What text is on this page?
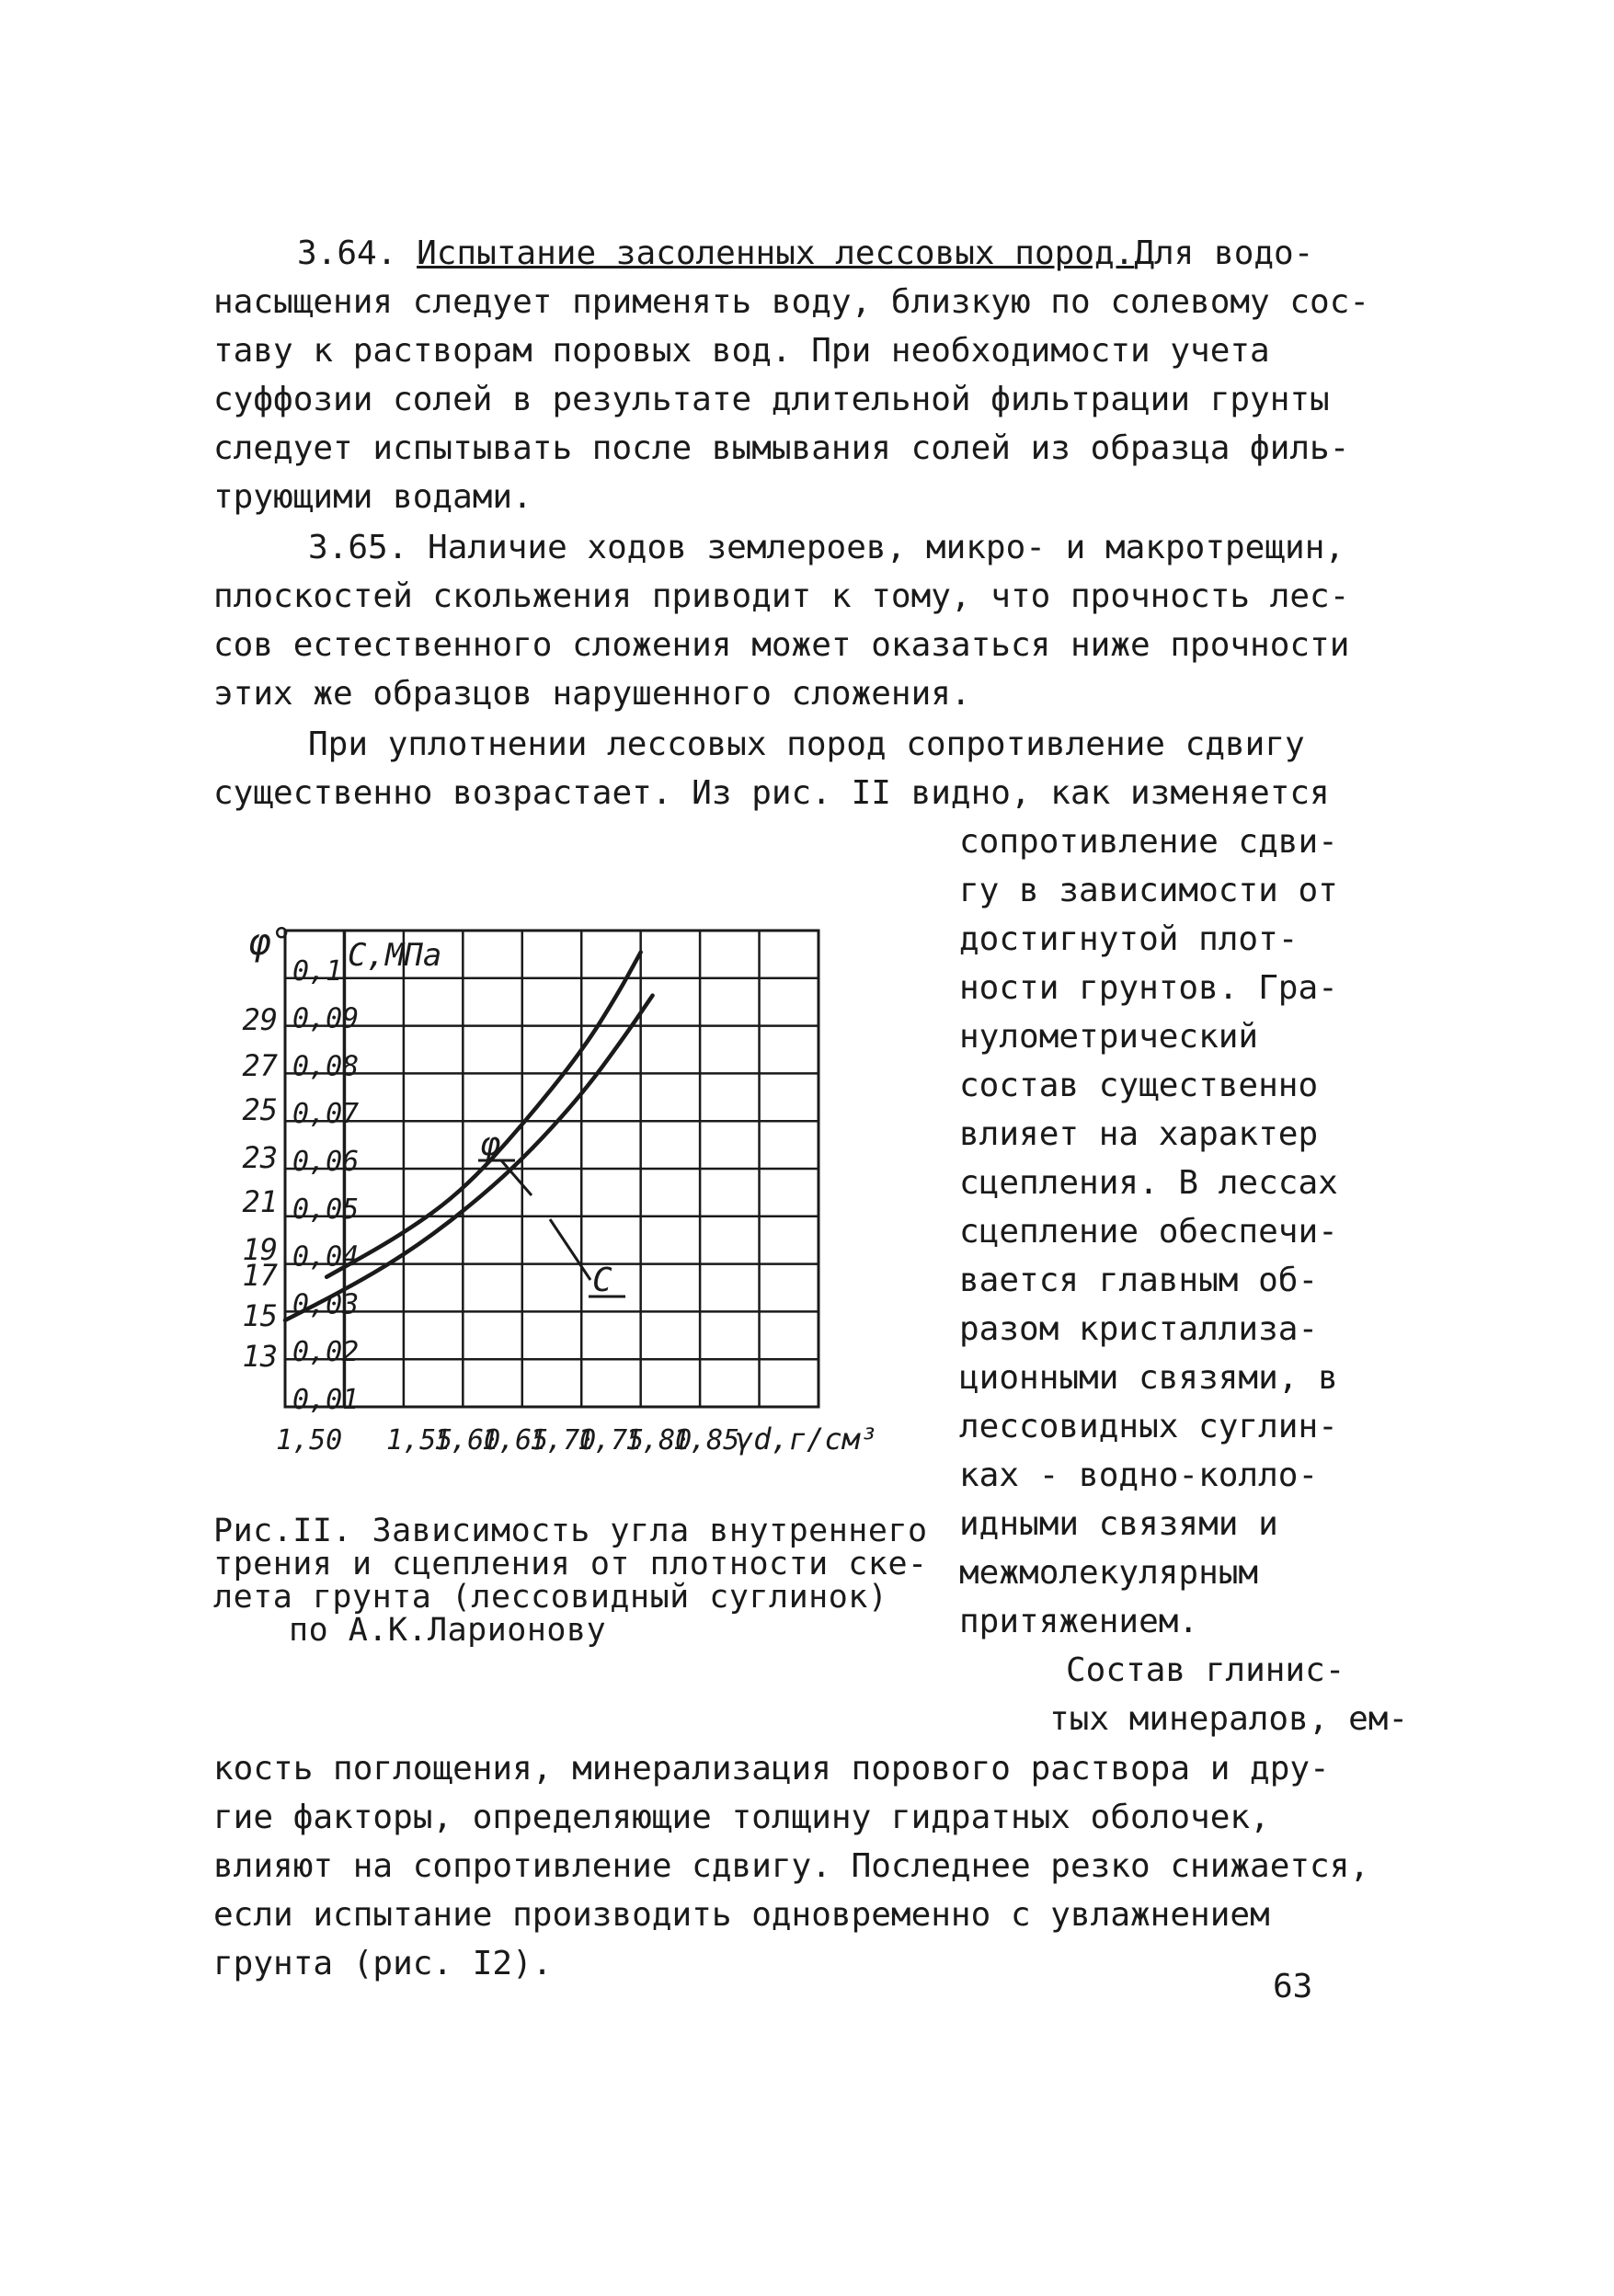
3.64. Испытание засоленных лессовых пород.Для водо-
насыщения следует применять воду, близкую по солевому сос-
таву к растворам поровых вод. При необходимости учета
суффозии солей в результате длительной фильтрации грунты
следует испытывать после вымывания солей из образца филь-
трующими водами.
3.65. Наличие ходов землероев, микро- и макротрещин,
плоскостей скольжения приводит к тому, что прочность лес-
сов естественного сложения может оказаться ниже прочности
этих же образцов нарушенного сложения.
При уплотнении лессовых пород сопротивление сдвигу
существенно возрастает. Из рис. II видно, как изменяется
сопротивление сдви-
гу в зависимости от
достигнутой плот-
ности грунтов. Гра-
нулометрический
состав существенно
влияет на характер
сцепления. В лессах
сцепление обеспечи-
вается главным об-
разом кристаллиза-
ционными связями, в
лессовидных суглин-
ках - водно-колло-
идными связями и
межмолекулярным
притяжением.
Состав глинис-
тых минералов, ем-
кость поглощения, минерализация порового раствора и дру-
гие факторы, определяющие толщину гидратных оболочек,
влияют на сопротивление сдвигу. Последнее резко снижается,
если испытание производить одновременно с увлажнением
грунта (рис. I2).
Рис.II. Зависимость угла внутреннего
трения и сцепления от плотности ске-
лета грунта (лессовидный суглинок)
по А.К.Ларионову
63
φ
С
φ° С,МПа
29
27
25
23
21
19
17
15
13
0,1
0,09
0,08
0,07
0,06
0,05
0,04
0,03
0,02
0,01
1,50 1,55
1,60
1,65
1,70
1,75
1,80
1,85
γd,г/см³
